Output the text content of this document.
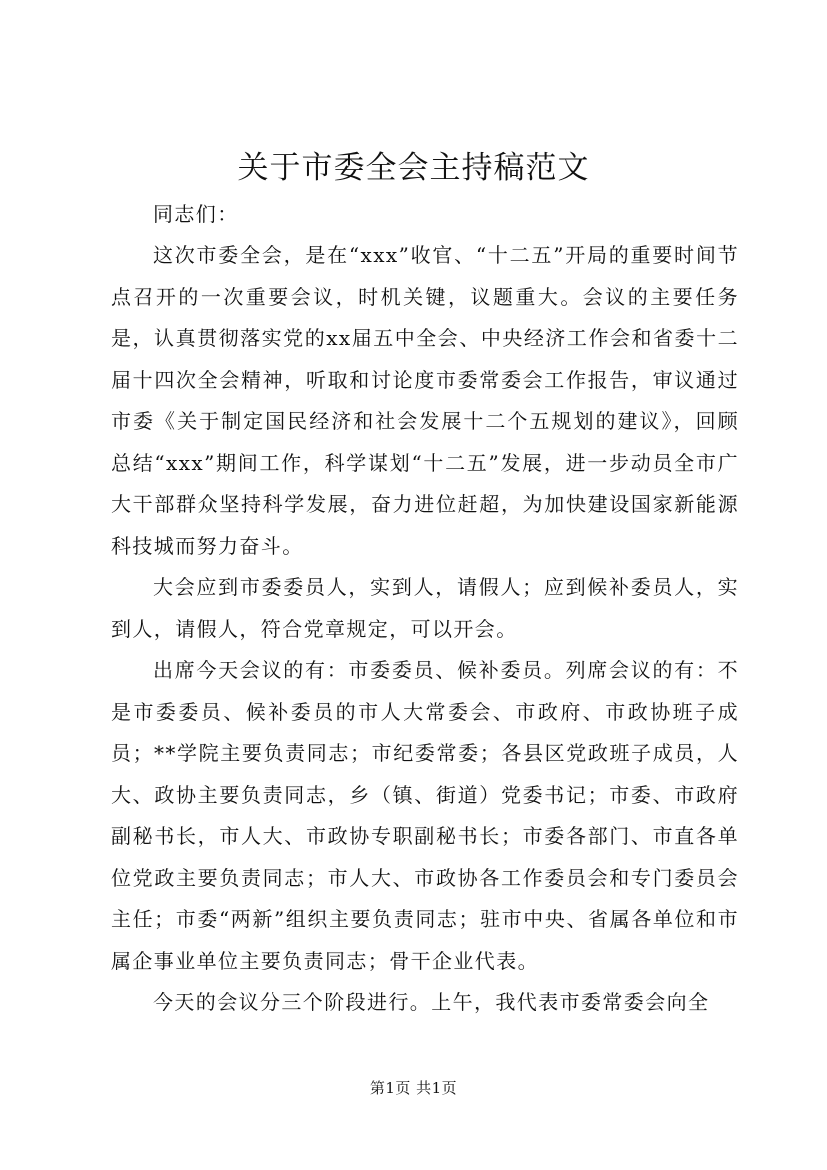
关于市委全会主持稿范文

同志们：

这次市委全会，是在“xxx”收官、“十二五”开局的重要时间节点召开的一次重要会议，时机关键，议题重大。会议的主要任务是，认真贯彻落实党的xx届五中全会、中央经济工作会和省委十二届十四次全会精神，听取和讨论度市委常委会工作报告，审议通过市委《关于制定国民经济和社会发展十二个五规划的建议》，回顾总结“xxx”期间工作，科学谋划“十二五”发展，进一步动员全市广大干部群众坚持科学发展，奋力进位赶超，为加快建设国家新能源科技城而努力奋斗。

大会应到市委委员人，实到人，请假人；应到候补委员人，实到人，请假人，符合党章规定，可以开会。

出席今天会议的有：市委委员、候补委员。列席会议的有：不是市委委员、候补委员的市人大常委会、市政府、市政协班子成员；**学院主要负责同志；市纪委常委；各县区党政班子成员，人大、政协主要负责同志，乡（镇、街道）党委书记；市委、市政府副秘书长，市人大、市政协专职副秘书长；市委各部门、市直各单位党政主要负责同志；市人大、市政协各工作委员会和专门委员会主任；市委“两新”组织主要负责同志；驻市中央、省属各单位和市属企事业单位主要负责同志；骨干企业代表。

今天的会议分三个阶段进行。上午，我代表市委常委会向全

第1页 共1页
